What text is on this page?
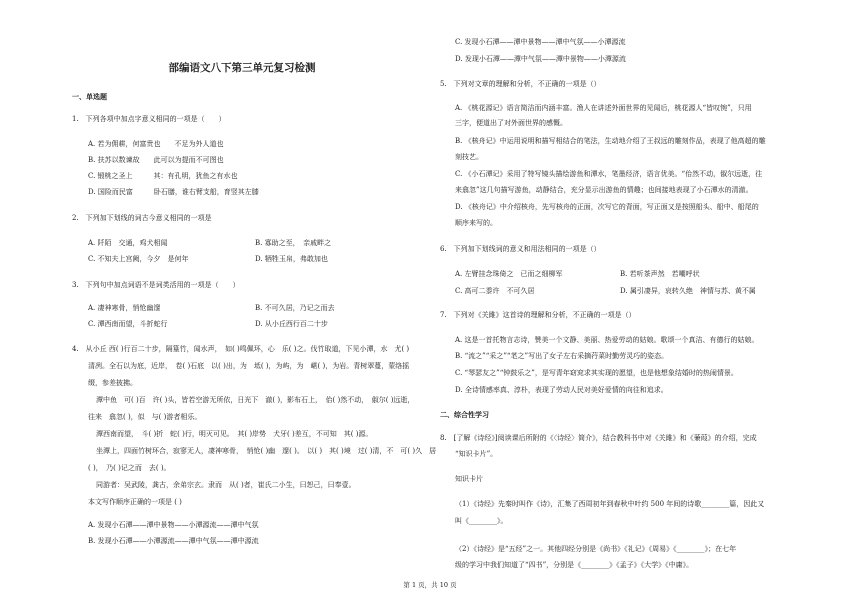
部编语文八下第三单元复习检测
一、单选题
1.　下列各项中加点字意义相同的一项是（　　）
A. 若为佣耕，何富贵也　　不足为外人道也
B. 扶苏以数谏故　　此可以为提而不可图也
C. 锻桃之圣上　　　其：有孔明，犹鱼之有水也
D. 国险而民富　　　卧石膳，谁右臂支船，育竖其左膝
2.　下列加下划线的词古今意义相同的一项是
A. 阡陌　交通，鸡犬相闻	B. 寡助之至，　亲戚畔之
C. 不知夫上宫阙，今夕　是何年	D. 牺牲玉帛，弗敢加也
3.　下列句中加点词语不是词类活用的一项是（　　）
A. 凄神寒骨，悄怆幽邃	B. 不可久居，乃记之而去
C. 潭西南而望，斗折蛇行	D. 从小丘西行百二十步
4.　从小丘 西( )行百二十步，隔篁竹，闻水声，　如( )鸣佩环，心　乐( )之。伐竹取道，下见小潭，水　尤( )
清冽。全石以为底，近岸，　卷( )石底　以( )出，为　坻( )，为屿，为　嵁( )，为岩。青树翠蔓，蒙络摇
缀，参差披拂。
潭中鱼　可( )百　许( )头，皆若空游无所依，日光下　澈( )，影布石上，　佁( )然不动，　俶尔( )远逝，
往来　翕忽( )，似　与( )游者相乐。
潭西南而望，　斗( )折　蛇( )行，明灭可见。　其( )岸势　犬牙( )差互，不可知　其( )源。
坐潭上，四面竹树环合，寂寥无人，凄神寒骨，　悄怆( )幽　邃( )。　以( )　其( )境　过( )清，不　可( )久　居
( )，　乃( )记之而　去( )。
同游者：吴武陵，龚古，余弟宗玄。隶而　从( )者，崔氏二小生，曰恕己，曰奉壹。
本文写作顺序正确的一项是 ( )
A. 发现小石潭——潭中景物——小潭源流——潭中气氛
B. 发现小石潭——小潭源流——潭中气氛——潭中源流
C. 发现小石潭——潭中景物——潭中气氛——小潭源流
D. 发现小石潭——潭中气氛——潭中景物——小潭源流
5.　下列对文章的理解和分析，不正确的一项是（）
A. 《桃花源记》语言简洁而内涵丰富。渔人在讲述外面世界的见闻后，桃花源人“皆叹惋”，只用
三字，便道出了对外面世界的感慨。
B. 《核舟记》中运用说明和描写相结合的笔法，生动地介绍了王叔远的雕刻作品，表现了他高超的雕
刻技艺。
C. 《小石潭记》采用了特写镜头描绘游鱼和潭水，笔墨经济，语言优美。“佁然不动，俶尔远逝，往
来翕忽”这几句描写游鱼，动静结合，充分显示出游鱼的情趣；也间接地表现了小石潭水的清澈。
D. 《核舟记》中介绍核舟，先写核舟的正面，次写它的背面，写正面又是按照船头、船中、船尾的
顺序来写的。
6.　下列加下划线词的意义和用法相同的一项是（）
A. 左臂挂念珠倚之　已而之细柳军	B. 若听茶声然　若嘲呼状
C. 高可二黍许　不可久居	D. 属引凄异，哀转久绝　神情与苏、黄不属
7.　下列对《关雎》这首诗的理解和分析，不正确的一项是（）
A. 这是一首托物言志诗，赞美一个文静、美丽、热爱劳动的姑娘。歌颂一个真洁、有德行的姑娘。
B. “流之”“采之”“芼之”写出了女子左右采摘荇菜时勤劳灵巧的姿态。
C. “琴瑟友之”“钟鼓乐之”，是写青年窈窕求其实现的愿望，也是他想象结婚时的热闹情景。
D. 全诗情感率真、淳朴，表现了劳动人民对美好爱情的向往和追求。
二、综合性学习
8.　[了解《诗经》]阅读课后所附的《〈诗经〉简介》，结合教科书中对《关雎》和《蒹葭》的介绍，完成
“知识卡片”。
知识卡片
（1）《诗经》先秦时叫作《诗》，汇集了西周初年到春秋中叶约 500 年间的诗歌________篇，因此又
叫《________》。
（2）《诗经》是“五经”之一。其他四经分别是《尚书》《礼记》《周易》《________》；在七年
级的学习中我们知道了“四书”，分别是《________》《孟子》《大学》《中庸》。
第 1 页，共 10 页
